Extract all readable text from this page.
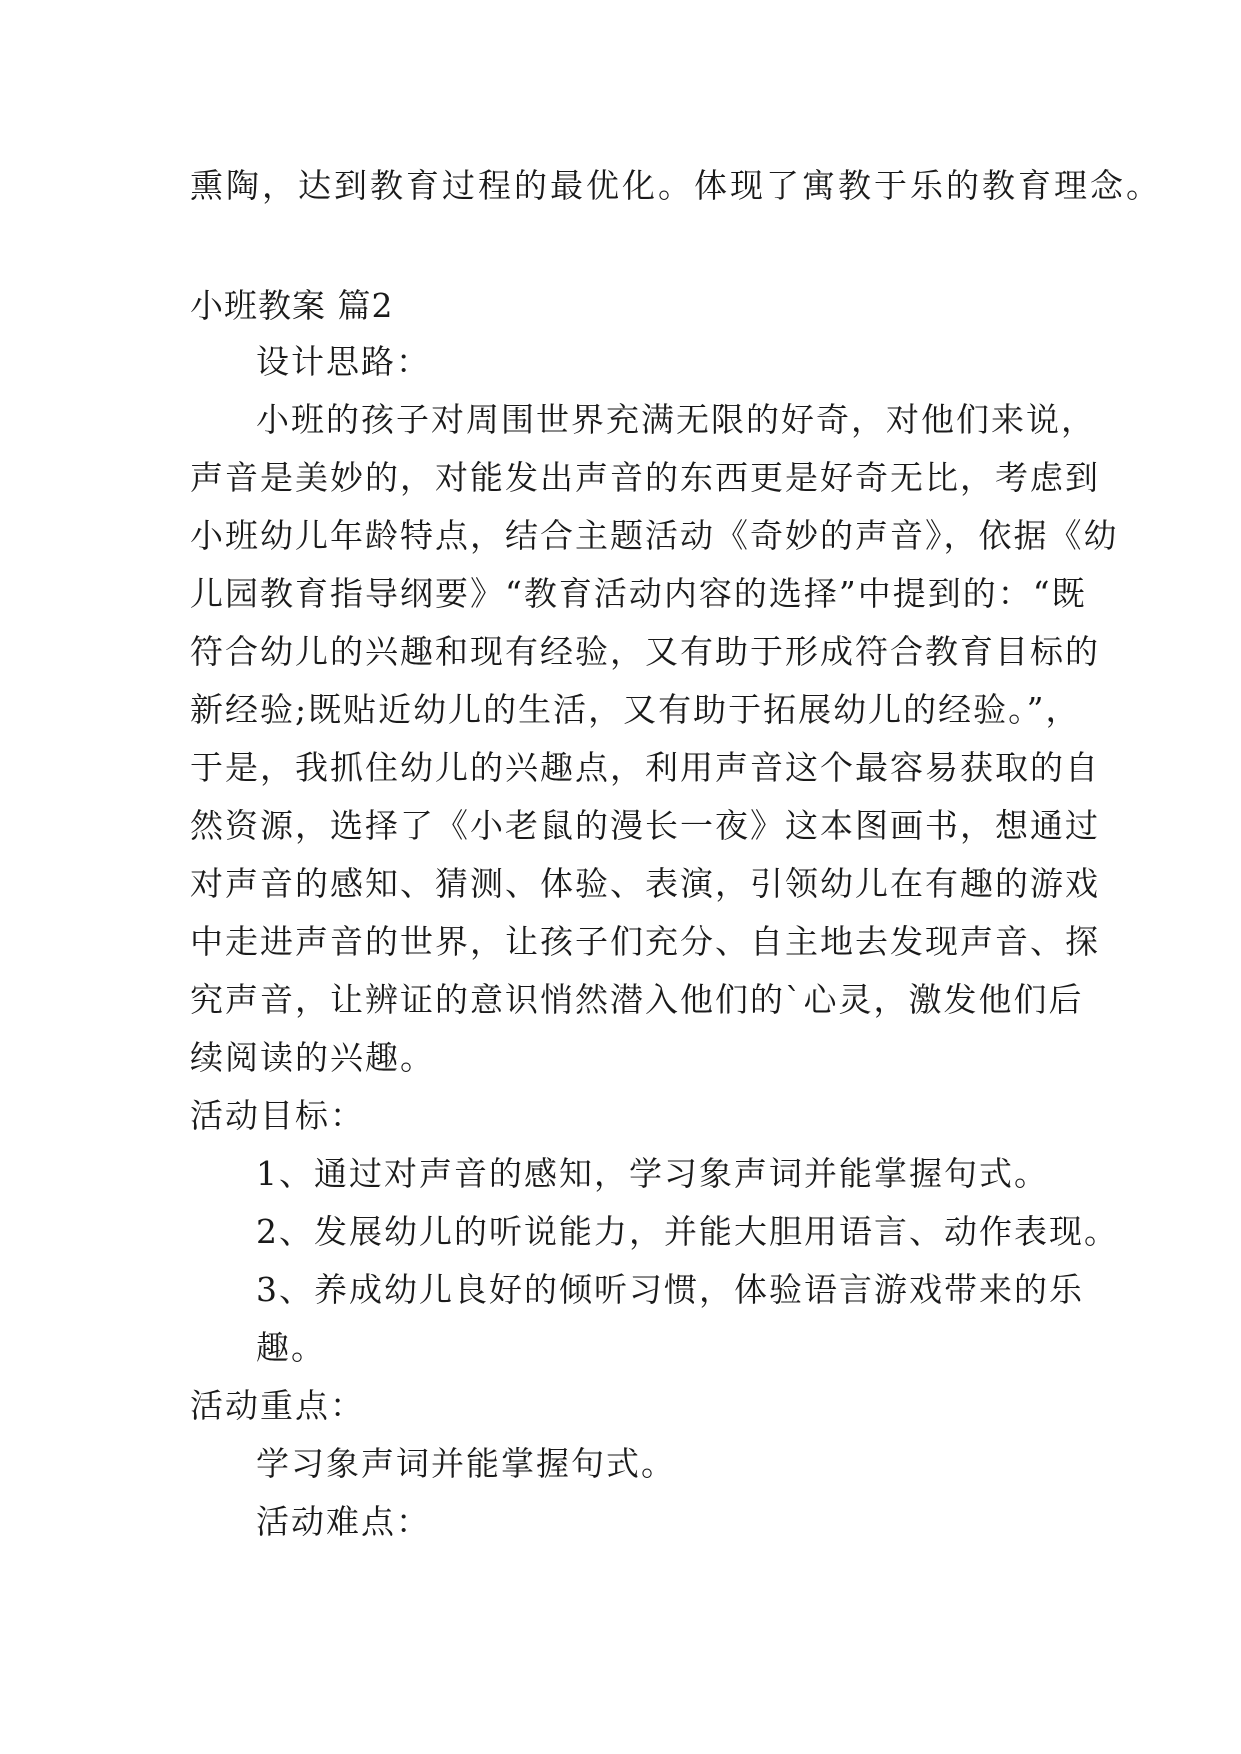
熏陶，达到教育过程的最优化。体现了寓教于乐的教育理念。
小班教案 篇2
设计思路：
小班的孩子对周围世界充满无限的好奇，对他们来说，
声音是美妙的，对能发出声音的东西更是好奇无比，考虑到
小班幼儿年龄特点，结合主题活动《奇妙的声音》，依据《幼
儿园教育指导纲要》“教育活动内容的选择”中提到的：“既
符合幼儿的兴趣和现有经验，又有助于形成符合教育目标的
新经验;既贴近幼儿的生活，又有助于拓展幼儿的经验。”，
于是，我抓住幼儿的兴趣点，利用声音这个最容易获取的自
然资源，选择了《小老鼠的漫长一夜》这本图画书，想通过
对声音的感知、猜测、体验、表演，引领幼儿在有趣的游戏
中走进声音的世界，让孩子们充分、自主地去发现声音、探
究声音，让辨证的意识悄然潜入他们的`心灵，激发他们后
续阅读的兴趣。
活动目标：
1、通过对声音的感知，学习象声词并能掌握句式。
2、发展幼儿的听说能力，并能大胆用语言、动作表现。
3、养成幼儿良好的倾听习惯，体验语言游戏带来的乐
趣。
活动重点：
学习象声词并能掌握句式。
活动难点：
